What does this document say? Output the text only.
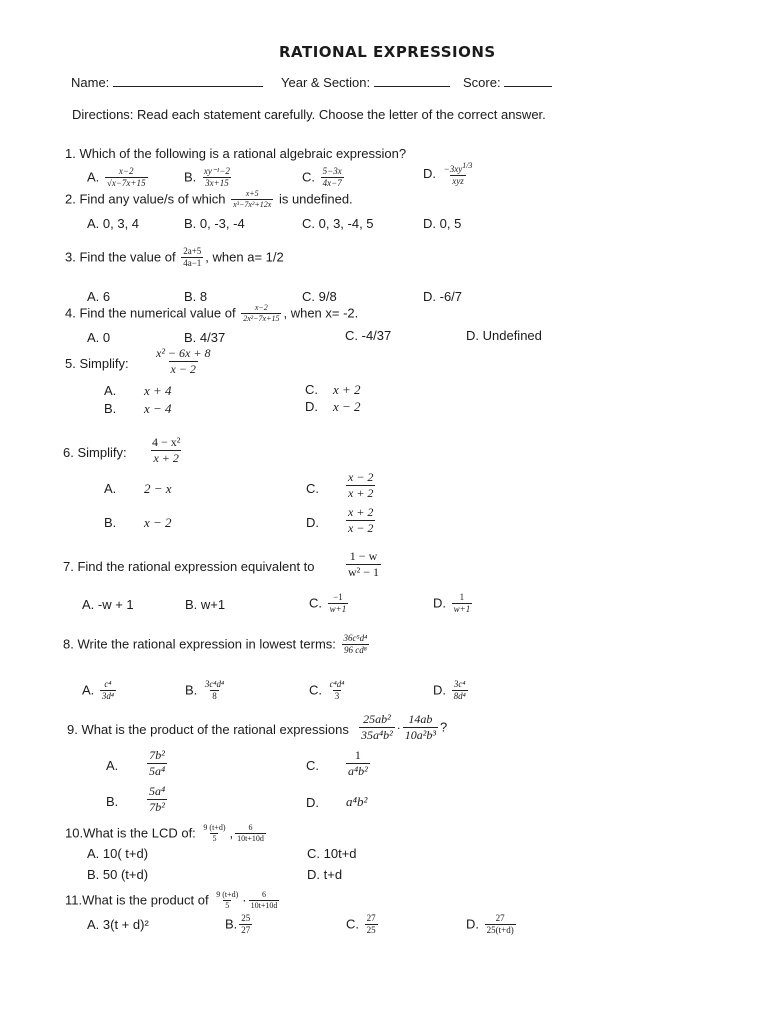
RATIONAL EXPRESSIONS
Name:	Year & Section:	Score:
Directions: Read each statement carefully. Choose the letter of the correct answer.
1. Which of the following is a rational algebraic expression?
A. $\frac{x-2}{√x-7x+15}$	B. $\frac{\text{xy⁻¹−2}}{3x+15}$	C. $\frac{5-3x}{4x-7}$	D. $\frac{-3xy^{1/3}}{\text{xyz}}$
2. Find any value/s of which $\frac{x+5}{\text{x³−7x²+12x}}$ is undefined.
A. 0, 3, 4	B. 0, -3, -4	C. 0, 3, -4, 5	D. 0, 5
3. Find the value of $\frac{2a+5}{4a-1}$ , when a= 1/2
A. 6	B. 8	C. 9/8	D. -6/7
4. Find the numerical value of $\frac{x-2}{\text{2x²−7x+15}}$ , when x= -2.
A. 0	B. 4/37	C. -4/37	D. Undefined
5. Simplify: $\frac{\text{x² − 6x + 8}}{x - 2}$
A. x + 4
B. x − 4
C. x + 2
D. x − 2
6. Simplify: $\frac{\text{4 − x²}}{x + 2}$
A. 2 − x
B. x − 2
C. $\frac{x - 2}{x + 2}$
D. $\frac{x + 2}{x - 2}$
7. Find the rational expression equivalent to	$\frac{1 - w}{\text{w² − 1}}$
A. -w + 1	B. w+1	C. $\frac{-1}{w+1}$	D. $\frac{1}{w+1}$
8. Write the rational expression in lowest terms: $\frac{\text{36c⁵d⁴}}{\text{96 cd⁸}}$
A. $\frac{\text{c⁴}}{\text{3d⁴}}$	B. $\frac{\text{3c⁴d⁴}}{8}$	C. $\frac{\text{c⁴d⁴}}{3}$	D. $\frac{\text{3c⁴}}{\text{8d⁴}}$
9. What is the product of the rational expressions $\frac{\text{25ab²}}{\text{35a⁴b²}} \cdot \frac{14ab}{\text{10a²b³}}$ ?
A. $\frac{\text{7b²}}{\text{5a⁴}}$
B. $\frac{\text{5a⁴}}{\text{7b²}}$
C. $\frac{1}{\text{a⁴b²}}$
D. a⁴b²
10.What is the LCD of: $\frac{9 (t+d)}{5}$ , $\frac{6}{10t+10d}$
A. 10( t+d)	C. 10t+d
B. 50 (t+d)	D. t+d
11.What is the product of $\frac{9 (t+d)}{5} \cdot \frac{6}{10t+10d}$
A. 3(t + d)²	B. $\frac{25}{27}$	C. $\frac{27}{25}$	D. $\frac{27}{25(t+d)}$
